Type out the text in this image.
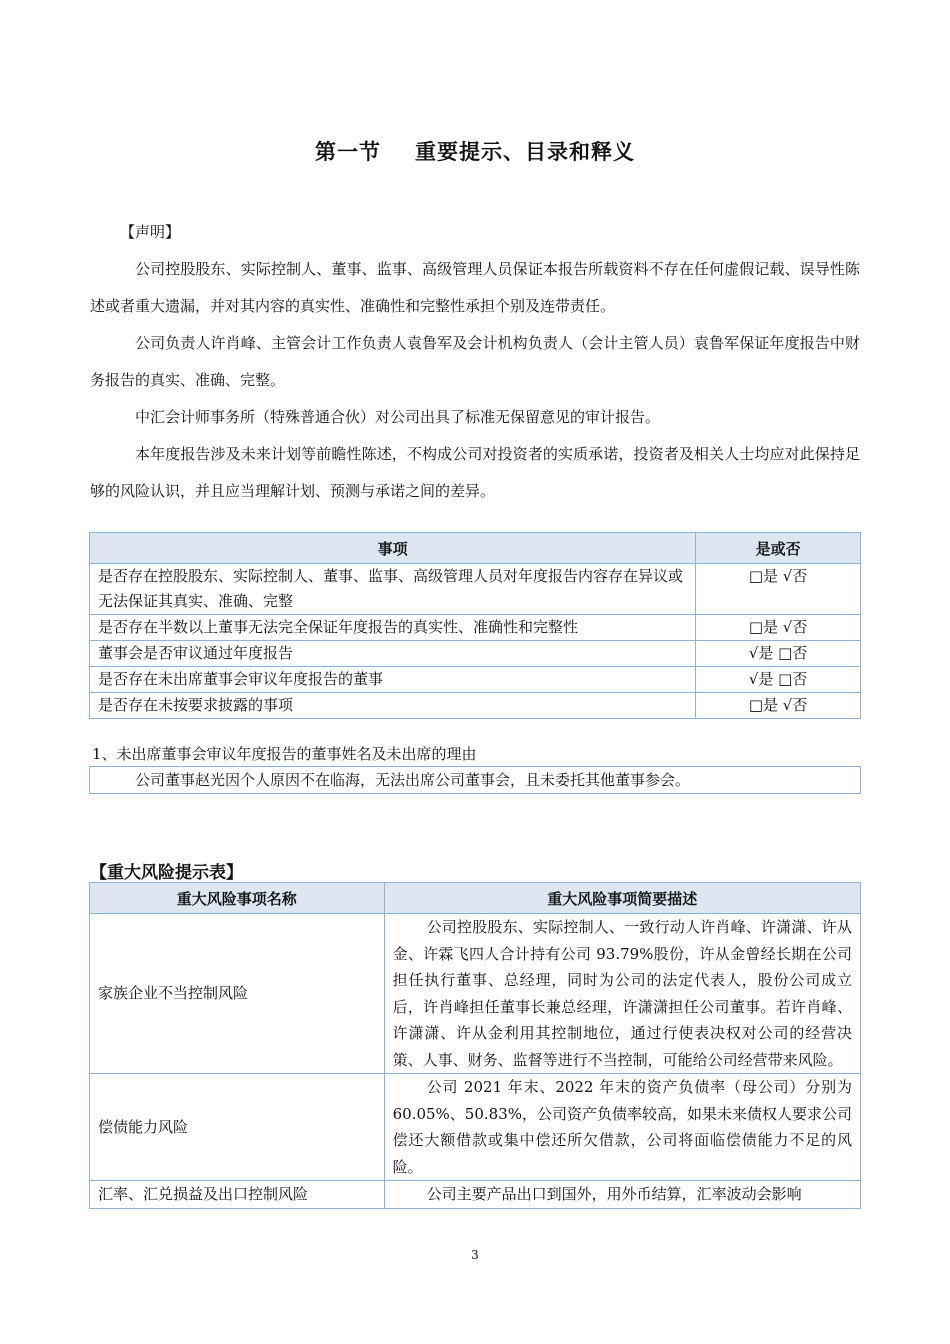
第一节 重要提示、目录和释义
【声明】

公司控股股东、实际控制人、董事、监事、高级管理人员保证本报告所载资料不存在任何虚假记载、误导性陈述或者重大遗漏，并对其内容的真实性、准确性和完整性承担个别及连带责任。

公司负责人许肖峰、主管会计工作负责人袁鲁军及会计机构负责人（会计主管人员）袁鲁军保证年度报告中财务报告的真实、准确、完整。

中汇会计师事务所（特殊普通合伙）对公司出具了标准无保留意见的审计报告。

本年度报告涉及未来计划等前瞻性陈述，不构成公司对投资者的实质承诺，投资者及相关人士均应对此保持足够的风险认识，并且应当理解计划、预测与承诺之间的差异。

事项	是或否
是否存在控股股东、实际控制人、董事、监事、高级管理人员对年度报告内容存在异议或无法保证其真实、准确、完整	□是 √否
是否存在半数以上董事无法完全保证年度报告的真实性、准确性和完整性	□是 √否
董事会是否审议通过年度报告	√是 □否
是否存在未出席董事会审议年度报告的董事	√是 □否
是否存在未按要求披露的事项	□是 √否
1、未出席董事会审议年度报告的董事姓名及未出席的理由
公司董事赵光因个人原因不在临海，无法出席公司董事会，且未委托其他董事参会。
【重大风险提示表】
重大风险事项名称	重大风险事项简要描述
家族企业不当控制风险	公司控股股东、实际控制人、一致行动人许肖峰、许潇潇、许从金、许霖飞四人合计持有公司 93.79%股份，许从金曾经长期在公司担任执行董事、总经理，同时为公司的法定代表人，股份公司成立后，许肖峰担任董事长兼总经理，许潇潇担任公司董事。若许肖峰、许潇潇、许从金利用其控制地位，通过行使表决权对公司的经营决策、人事、财务、监督等进行不当控制，可能给公司经营带来风险。
偿债能力风险	公司 2021 年末、2022 年末的资产负债率（母公司）分别为 60.05%、50.83%，公司资产负债率较高，如果未来债权人要求公司偿还大额借款或集中偿还所欠借款，公司将面临偿债能力不足的风险。
汇率、汇兑损益及出口控制风险	公司主要产品出口到国外，用外币结算，汇率波动会影响
3
